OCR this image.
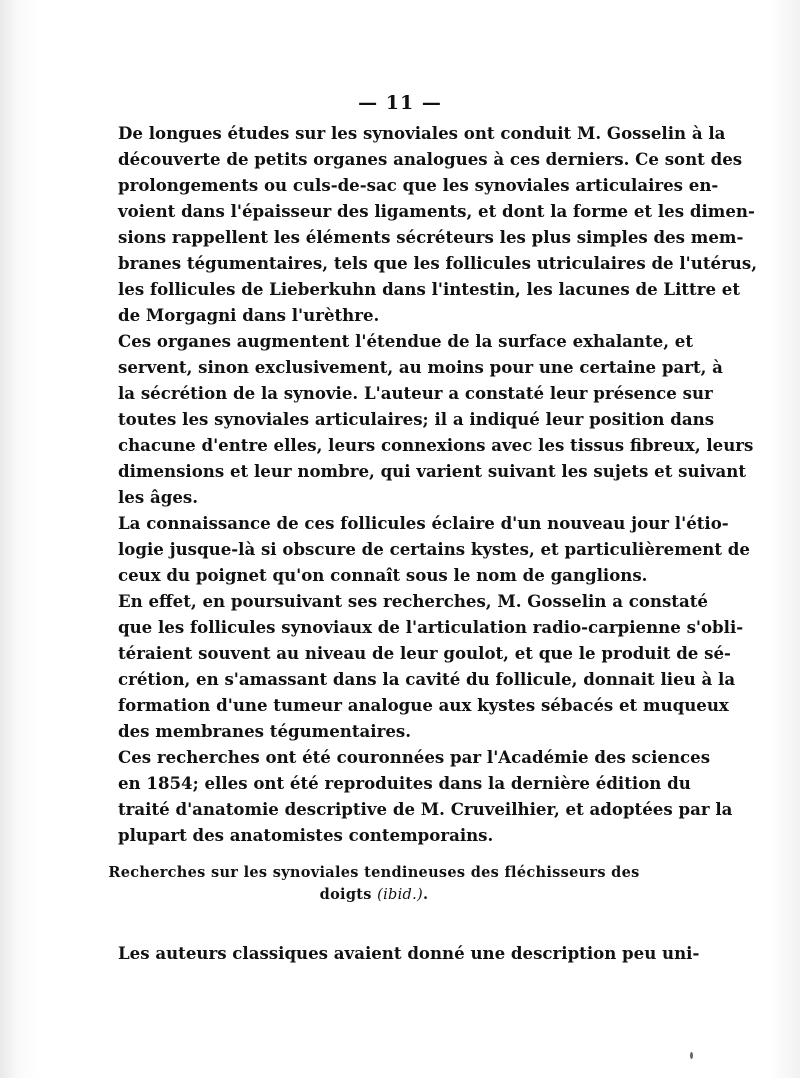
— 11 —
De longues études sur les synoviales ont conduit M. Gosselin à la
découverte de petits organes analogues à ces derniers. Ce sont des
prolongements ou culs-de-sac que les synoviales articulaires en-
voient dans l'épaisseur des ligaments, et dont la forme et les dimen-
sions rappellent les éléments sécréteurs les plus simples des mem-
branes tégumentaires, tels que les follicules utriculaires de l'utérus,
les follicules de Lieberkuhn dans l'intestin, les lacunes de Littre et
de Morgagni dans l'urèthre.
Ces organes augmentent l'étendue de la surface exhalante, et
servent, sinon exclusivement, au moins pour une certaine part, à
la sécrétion de la synovie. L'auteur a constaté leur présence sur
toutes les synoviales articulaires; il a indiqué leur position dans
chacune d'entre elles, leurs connexions avec les tissus fibreux, leurs
dimensions et leur nombre, qui varient suivant les sujets et suivant
les âges.
La connaissance de ces follicules éclaire d'un nouveau jour l'étio-
logie jusque-là si obscure de certains kystes, et particulièrement de
ceux du poignet qu'on connaît sous le nom de ganglions.
En effet, en poursuivant ses recherches, M. Gosselin a constaté
que les follicules synoviaux de l'articulation radio-carpienne s'obli-
téraient souvent au niveau de leur goulot, et que le produit de sé-
crétion, en s'amassant dans la cavité du follicule, donnait lieu à la
formation d'une tumeur analogue aux kystes sébacés et muqueux
des membranes tégumentaires.
Ces recherches ont été couronnées par l'Académie des sciences
en 1854; elles ont été reproduites dans la dernière édition du
traité d'anatomie descriptive de M. Cruveilhier, et adoptées par la
plupart des anatomistes contemporains.
Recherches sur les synoviales tendineuses des fléchisseurs des
doigts (ibid.).
Les auteurs classiques avaient donné une description peu uni-
